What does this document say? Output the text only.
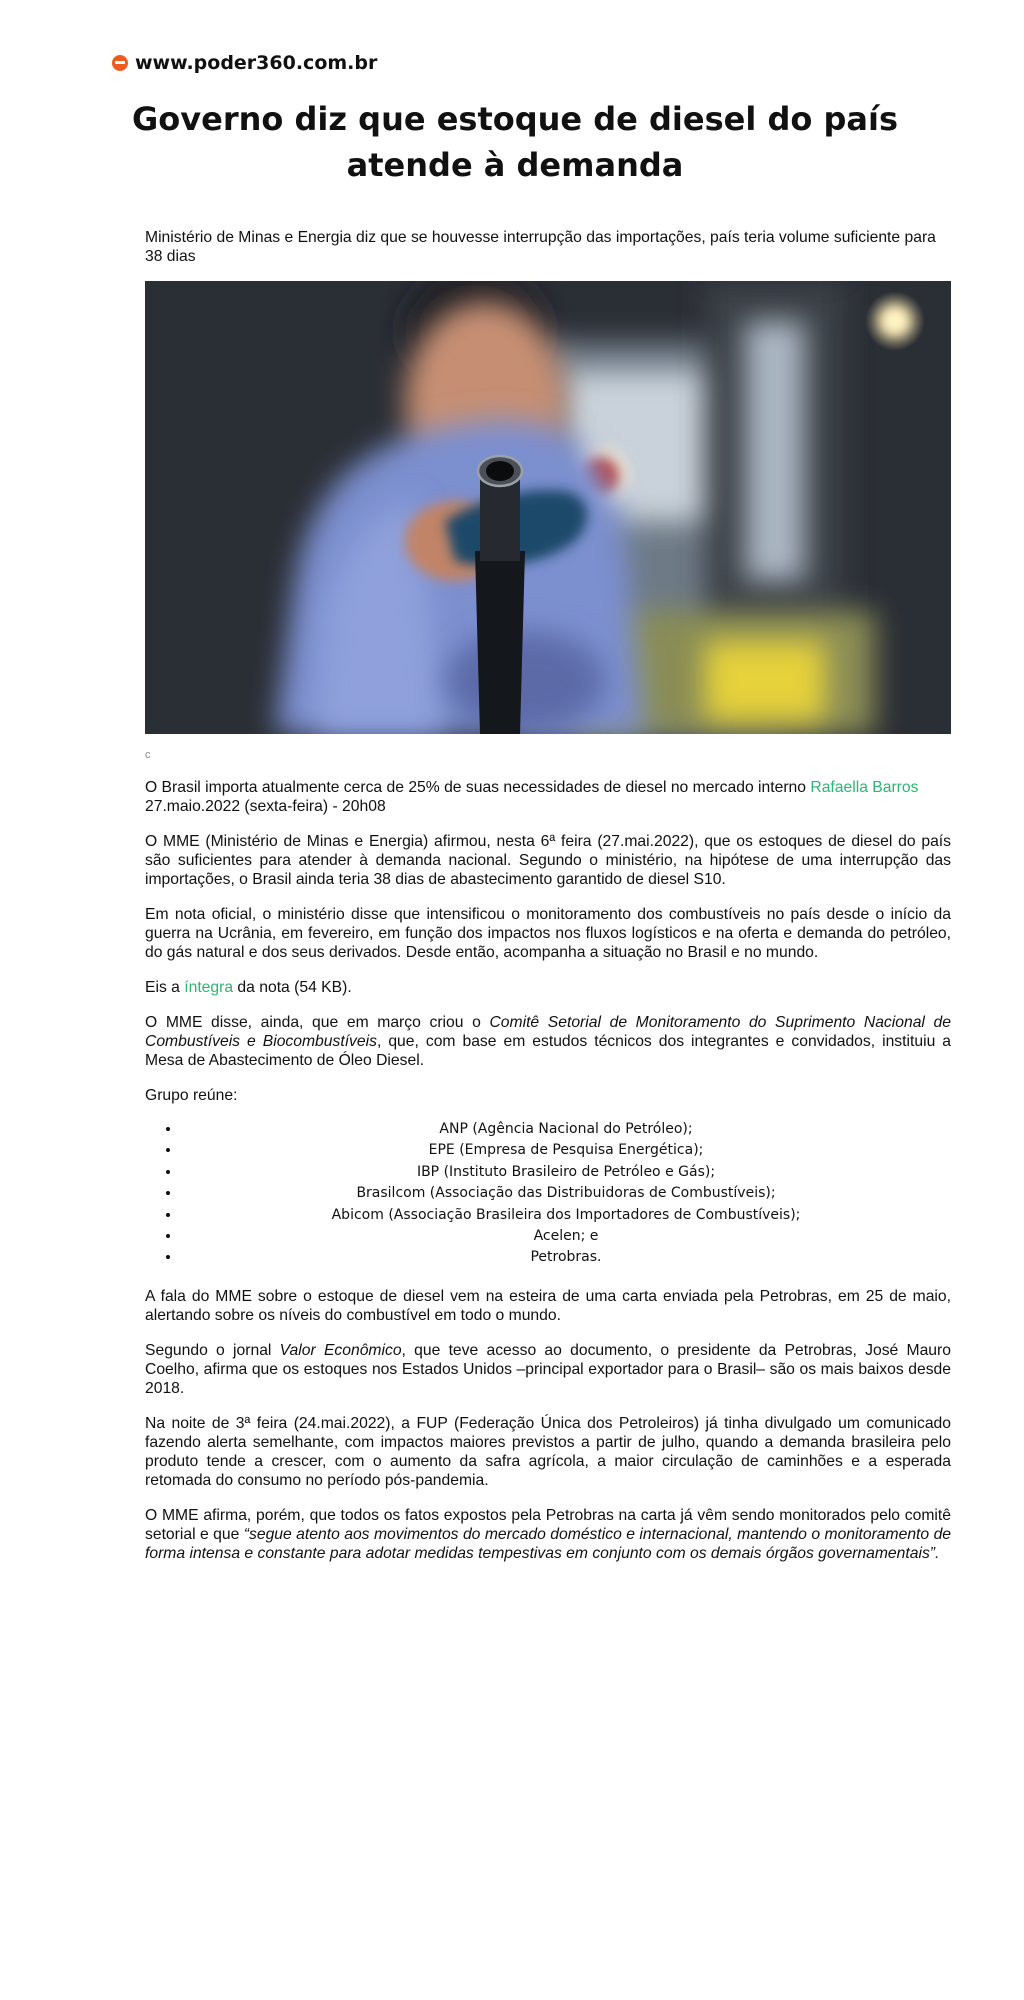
www.poder360.com.br
Governo diz que estoque de diesel do país atende à demanda

Ministério de Minas e Energia diz que se houvesse interrupção das importações, país teria volume suficiente para 38 dias

c

O Brasil importa atualmente cerca de 25% de suas necessidades de diesel no mercado interno Rafaella Barros
27.maio.2022 (sexta-feira) - 20h08

O MME (Ministério de Minas e Energia) afirmou, nesta 6ª feira (27.mai.2022), que os estoques de diesel do país são suficientes para atender à demanda nacional. Segundo o ministério, na hipótese de uma interrupção das importações, o Brasil ainda teria 38 dias de abastecimento garantido de diesel S10.

Em nota oficial, o ministério disse que intensificou o monitoramento dos combustíveis no país desde o início da guerra na Ucrânia, em fevereiro, em função dos impactos nos fluxos logísticos e na oferta e demanda do petróleo, do gás natural e dos seus derivados. Desde então, acompanha a situação no Brasil e no mundo.

Eis a íntegra da nota (54 KB).

O MME disse, ainda, que em março criou o Comitê Setorial de Monitoramento do Suprimento Nacional de Combustíveis e Biocombustíveis, que, com base em estudos técnicos dos integrantes e convidados, instituiu a Mesa de Abastecimento de Óleo Diesel.

Grupo reúne:

• ANP (Agência Nacional do Petróleo);
• EPE (Empresa de Pesquisa Energética);
• IBP (Instituto Brasileiro de Petróleo e Gás);
• Brasilcom (Associação das Distribuidoras de Combustíveis);
• Abicom (Associação Brasileira dos Importadores de Combustíveis);
• Acelen; e
• Petrobras.

A fala do MME sobre o estoque de diesel vem na esteira de uma carta enviada pela Petrobras, em 25 de maio, alertando sobre os níveis do combustível em todo o mundo.

Segundo o jornal Valor Econômico, que teve acesso ao documento, o presidente da Petrobras, José Mauro Coelho, afirma que os estoques nos Estados Unidos –principal exportador para o Brasil– são os mais baixos desde 2018.

Na noite de 3ª feira (24.mai.2022), a FUP (Federação Única dos Petroleiros) já tinha divulgado um comunicado fazendo alerta semelhante, com impactos maiores previstos a partir de julho, quando a demanda brasileira pelo produto tende a crescer, com o aumento da safra agrícola, a maior circulação de caminhões e a esperada retomada do consumo no período pós-pandemia.

O MME afirma, porém, que todos os fatos expostos pela Petrobras na carta já vêm sendo monitorados pelo comitê setorial e que “segue atento aos movimentos do mercado doméstico e internacional, mantendo o monitoramento de forma intensa e constante para adotar medidas tempestivas em conjunto com os demais órgãos governamentais”.
